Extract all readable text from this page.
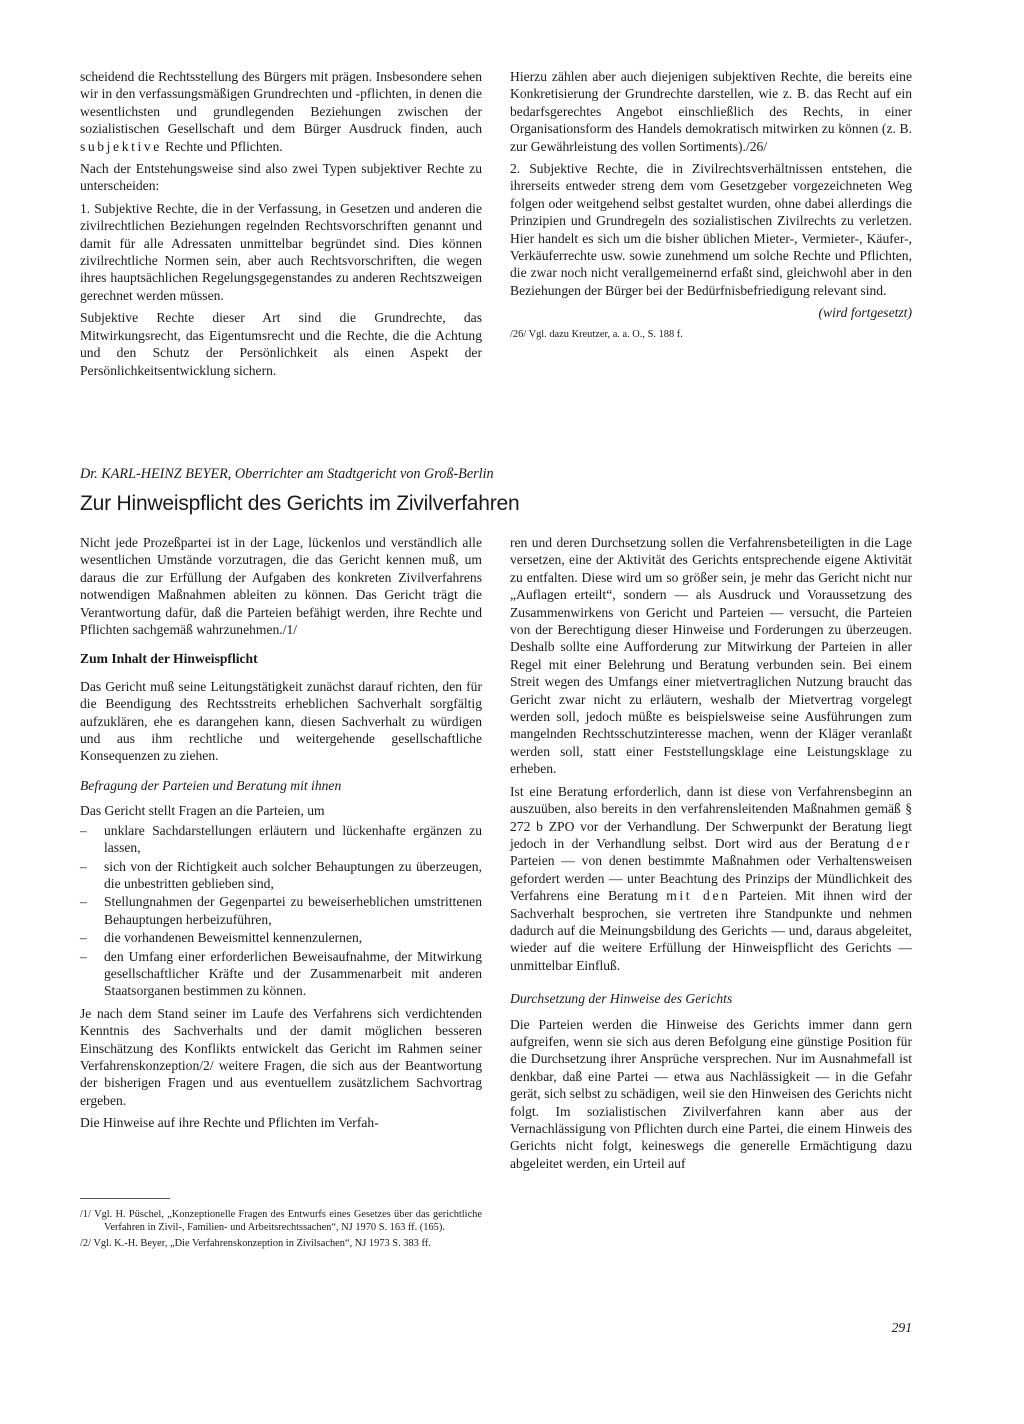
scheidend die Rechtsstellung des Bürgers mit prägen. Insbesondere sehen wir in den verfassungsmäßigen Grundrechten und -pflichten, in denen die wesentlichsten und grundlegenden Beziehungen zwischen der sozialistischen Gesellschaft und dem Bürger Ausdruck finden, auch subjektive Rechte und Pflichten.

Nach der Entstehungsweise sind also zwei Typen subjektiver Rechte zu unterscheiden:

1. Subjektive Rechte, die in der Verfassung, in Gesetzen und anderen die zivilrechtlichen Beziehungen regelnden Rechtsvorschriften genannt und damit für alle Adressaten unmittelbar begründet sind. Dies können zivilrechtliche Normen sein, aber auch Rechtsvorschriften, die wegen ihres hauptsächlichen Regelungsgegenstandes zu anderen Rechtszweigen gerechnet werden müssen.

Subjektive Rechte dieser Art sind die Grundrechte, das Mitwirkungsrecht, das Eigentumsrecht und die Rechte, die die Achtung und den Schutz der Persönlichkeit als einen Aspekt der Persönlichkeitsentwicklung sichern.

Hierzu zählen aber auch diejenigen subjektiven Rechte, die bereits eine Konkretisierung der Grundrechte darstellen, wie z. B. das Recht auf ein bedarfsgerechtes Angebot einschließlich des Rechts, in einer Organisationsform des Handels demokratisch mitwirken zu können (z. B. zur Gewährleistung des vollen Sortiments)./26/

2. Subjektive Rechte, die in Zivilrechtsverhältnissen entstehen, die ihrerseits entweder streng dem vom Gesetzgeber vorgezeichneten Weg folgen oder weitgehend selbst gestaltet wurden, ohne dabei allerdings die Prinzipien und Grundregeln des sozialistischen Zivilrechts zu verletzen. Hier handelt es sich um die bisher üblichen Mieter-, Vermieter-, Käufer-, Verkäuferrechte usw. sowie zunehmend um solche Rechte und Pflichten, die zwar noch nicht verallgemeinernd erfaßt sind, gleichwohl aber in den Beziehungen der Bürger bei der Bedürfnisbefriedigung relevant sind.

(wird fortgesetzt)

/26/ Vgl. dazu Kreutzer, a. a. O., S. 188 f.

Dr. KARL-HEINZ BEYER, Oberrichter am Stadtgericht von Groß-Berlin
Zur Hinweispflicht des Gerichts im Zivilverfahren

Nicht jede Prozeßpartei ist in der Lage, lückenlos und verständlich alle wesentlichen Umstände vorzutragen, die das Gericht kennen muß, um daraus die zur Erfüllung der Aufgaben des konkreten Zivilverfahrens notwendigen Maßnahmen ableiten zu können. Das Gericht trägt die Verantwortung dafür, daß die Parteien befähigt werden, ihre Rechte und Pflichten sachgemäß wahrzunehmen./1/

Zum Inhalt der Hinweispflicht

Das Gericht muß seine Leitungstätigkeit zunächst darauf richten, den für die Beendigung des Rechtsstreits erheblichen Sachverhalt sorgfältig aufzuklären, ehe es darangehen kann, diesen Sachverhalt zu würdigen und aus ihm rechtliche und weitergehende gesellschaftliche Konsequenzen zu ziehen.

Befragung der Parteien und Beratung mit ihnen

Das Gericht stellt Fragen an die Parteien, um

– unklare Sachdarstellungen erläutern und lückenhafte ergänzen zu lassen,
– sich von der Richtigkeit auch solcher Behauptungen zu überzeugen, die unbestritten geblieben sind,
– Stellungnahmen der Gegenpartei zu beweiserheblichen umstrittenen Behauptungen herbeizuführen,
– die vorhandenen Beweismittel kennenzulernen,
– den Umfang einer erforderlichen Beweisaufnahme, der Mitwirkung gesellschaftlicher Kräfte und der Zusammenarbeit mit anderen Staatsorganen bestimmen zu können.

Je nach dem Stand seiner im Laufe des Verfahrens sich verdichtenden Kenntnis des Sachverhalts und der damit möglichen besseren Einschätzung des Konflikts entwickelt das Gericht im Rahmen seiner Verfahrenskonzeption/2/ weitere Fragen, die sich aus der Beantwortung der bisherigen Fragen und aus eventuellem zusätzlichem Sachvortrag ergeben.

Die Hinweise auf ihre Rechte und Pflichten im Verfah-

/1/ Vgl. H. Püschel, „Konzeptionelle Fragen des Entwurfs eines Gesetzes über das gerichtliche Verfahren in Zivil-, Familien- und Arbeitsrechtssachen“, NJ 1970 S. 163 ff. (165).

/2/ Vgl. K.-H. Beyer, „Die Verfahrenskonzeption in Zivilsachen“, NJ 1973 S. 383 ff.

ren und deren Durchsetzung sollen die Verfahrensbeteiligten in die Lage versetzen, eine der Aktivität des Gerichts entsprechende eigene Aktivität zu entfalten. Diese wird um so größer sein, je mehr das Gericht nicht nur „Auflagen erteilt“, sondern — als Ausdruck und Voraussetzung des Zusammenwirkens von Gericht und Parteien — versucht, die Parteien von der Berechtigung dieser Hinweise und Forderungen zu überzeugen. Deshalb sollte eine Aufforderung zur Mitwirkung der Parteien in aller Regel mit einer Belehrung und Beratung verbunden sein. Bei einem Streit wegen des Umfangs einer mietvertraglichen Nutzung braucht das Gericht zwar nicht zu erläutern, weshalb der Mietvertrag vorgelegt werden soll, jedoch müßte es beispielsweise seine Ausführungen zum mangelnden Rechtsschutzinteresse machen, wenn der Kläger veranlaßt werden soll, statt einer Feststellungsklage eine Leistungsklage zu erheben.

Ist eine Beratung erforderlich, dann ist diese von Verfahrensbeginn an auszuüben, also bereits in den verfahrensleitenden Maßnahmen gemäß § 272 b ZPO vor der Verhandlung. Der Schwerpunkt der Beratung liegt jedoch in der Verhandlung selbst. Dort wird aus der Beratung der Parteien — von denen bestimmte Maßnahmen oder Verhaltensweisen gefordert werden — unter Beachtung des Prinzips der Mündlichkeit des Verfahrens eine Beratung mit den Parteien. Mit ihnen wird der Sachverhalt besprochen, sie vertreten ihre Standpunkte und nehmen dadurch auf die Meinungsbildung des Gerichts — und, daraus abgeleitet, wieder auf die weitere Erfüllung der Hinweispflicht des Gerichts — unmittelbar Einfluß.

Durchsetzung der Hinweise des Gerichts

Die Parteien werden die Hinweise des Gerichts immer dann gern aufgreifen, wenn sie sich aus deren Befolgung eine günstige Position für die Durchsetzung ihrer Ansprüche versprechen. Nur im Ausnahmefall ist denkbar, daß eine Partei — etwa aus Nachlässigkeit — in die Gefahr gerät, sich selbst zu schädigen, weil sie den Hinweisen des Gerichts nicht folgt. Im sozialistischen Zivilverfahren kann aber aus der Vernachlässigung von Pflichten durch eine Partei, die einem Hinweis des Gerichts nicht folgt, keineswegs die generelle Ermächtigung dazu abgeleitet werden, ein Urteil auf

291
